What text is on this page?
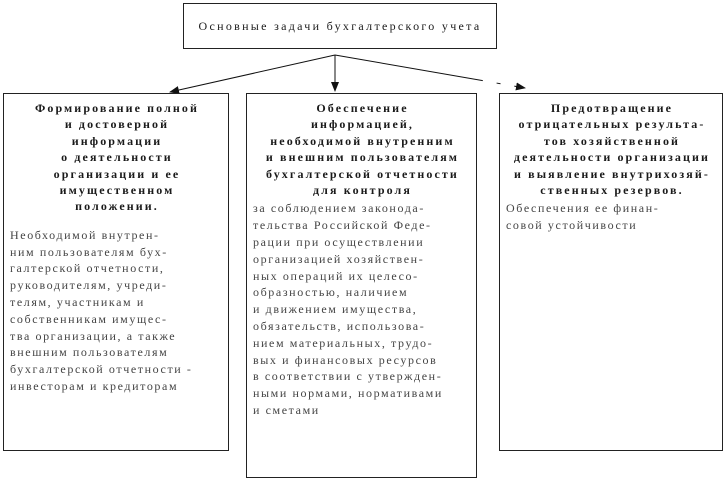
Основные задачи бухгалтерского учета
Формирование полной
и достоверной
информации
о деятельности
организации и ее
имущественном
положении.
Необходимой внутрен-
ним пользователям бух-
галтерской отчетности,
руководителям, учреди-
телям, участникам и
собственникам имущес-
тва организации, а также
внешним пользователям
бухгалтерской отчетности -
инвесторам и кредиторам
Обеспечение
информацией,
необходимой внутренним
и внешним пользователям
бухгалтерской отчетности
для контроля
за соблюдением законода-
тельства Российской Феде-
рации при осуществлении
организацией хозяйствен-
ных операций их целесо-
образностью, наличием
и движением имущества,
обязательств, использова-
нием материальных, трудо-
вых и финансовых ресурсов
в соответствии с утвержден-
ными нормами, нормативами
и сметами
Предотвращение
отрицательных результа-
тов хозяйственной
деятельности организации
и выявление внутрихозяй-
ственных резервов.
Обеспечения ее финан-
совой устойчивости
